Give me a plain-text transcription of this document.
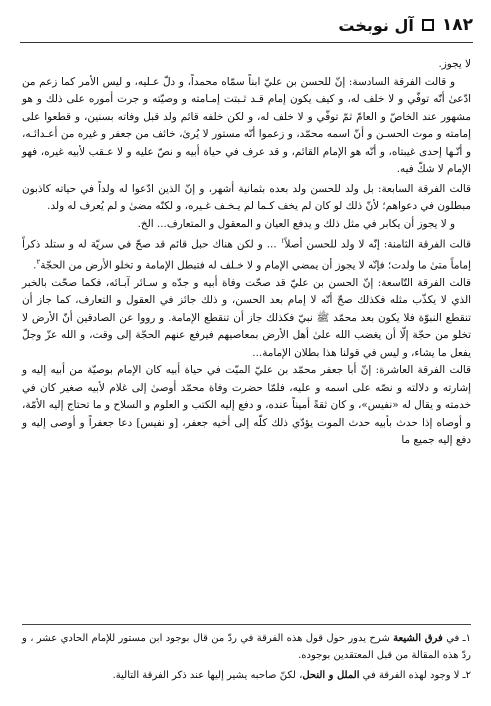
١٨٢
آل نوبخت

لا يجوز.

و قالت الفرقة السادسة: إنّ للحسن بن عليّ ابناً سمّاه محمداً، و دلّ عـليه، و ليس الأمر كما زعم من ادّعىٰ أنّه توفّي و لا خلف له، و كيف يكون إمام قـد ثـبتت إمـامته و وصيّته و جرت أموره على ذلك و هو مشهور عند الخاصّ و العامّ ثمّ توفّي و لا خلف له، و لكن خلفه قائم ولد قبل وفاته بسنين، و قطعوا على إمامته و موت الحسـن و أنّ اسمه محمّد، و زعموا أنّه مستور لا يُرىٰ، خائف من جعفر و غيره من أعـدائـه، و أنّـها إحدى غيبتاه، و أنّه هو الإمام القائم، و قد عرف في حياة أبيه و نصّ عليه و لا عـقب لأبيه غيره، فهو الإمام لا شكّ فيه.

قالت الفرقة السابعة: بل ولد للحسن ولد بعده بثمانية أشهر، و إنّ الذين ادّعوا له ولداً في حياته كاذبون مبطلون في دعواهم؛ لأنّ ذلك لو كان لم يخف كـما لم يـخـف غـيره، و لكنّه مضىٰ و لم يُعرف له ولد.

و لا يجوز أن يكابر في مثل ذلك و يدفع العيان و المعقول و المتعارف... الخ.

قالت الفرقة الثامنة: إنّه لا ولد للحسن أصلاً$^١$ ... و لكن هناك حبل قائم قد صحّ في سريّة له و ستلد ذكراً إماماً متىٰ ما ولدت؛ فإنّه لا يجوز أن يمضي الإمام و لا خـلف له فتبطل الإمامة و تخلو الأرض من الحجّة$^٢$.

قالت الفرقة التّاسعة: إنّ الحسن بن عليّ قد صحّت وفاة أبيه و جدّه و سـائر آبـائه، فكما صحّت بالخبر الذي لا يكذّب مثله فكذلك صحّ أنّه لا إمام بعد الحسن، و ذلك جائز في العقول و التعارف، كما جاز أن تنقطع النبوّة فلا يكون بعد محمّد ﷺ نبيّ فكذلك جاز أن تنقطع الإمامة. و رووا عن الصادقين أنّ الأرض لا تخلو من حجّة إلّا أن يغضب الله علىٰ أهل الأرض بمعاصيهم فيرفع عنهم الحجّة إلى وقت، و الله عزّ وجلّ يفعل ما يشاء، و ليس في قولنا هذا بطلان الإمامة...

قالت الفرقة العاشرة: إنّ أبا جعفر محمّد بن عليّ الميّت في حياة أبيه كان الإمام بوصيّة من أبيه إليه و إشارته و دلالته و نصّه على اسمه و عليه، فلمّا حضرت وفاة محمّد أوصىٰ إلى غلام لأبيه صغير كان في خدمته و يقال له «نفيس»، و كان ثقةً أميناً عنده، و دفع إليه الكتب و العلوم و السلاح و ما تحتاج إليه الأمّة، و أوصاه إذا حدث بأبيه حدث الموت يؤدّي ذلك كلّه إلى أخيه جعفر، [و نفيس] دعا جعفراً و أوصى إليه و دفع إليه جميع ما

١ـ في فرق الشيعة شرح يدور حول قول هذه الفرقة في ردّ من قال بوجود ابن مستور للإمام الحادي عشر ، و ردّ هذه المقالة من قبل المعتقدين بوجوده.

٢ـ لا وجود لهذه الفرقة في الملل و النحل، لكنّ صاحبه يشير إليها عند ذكر الفرقة التالية.
